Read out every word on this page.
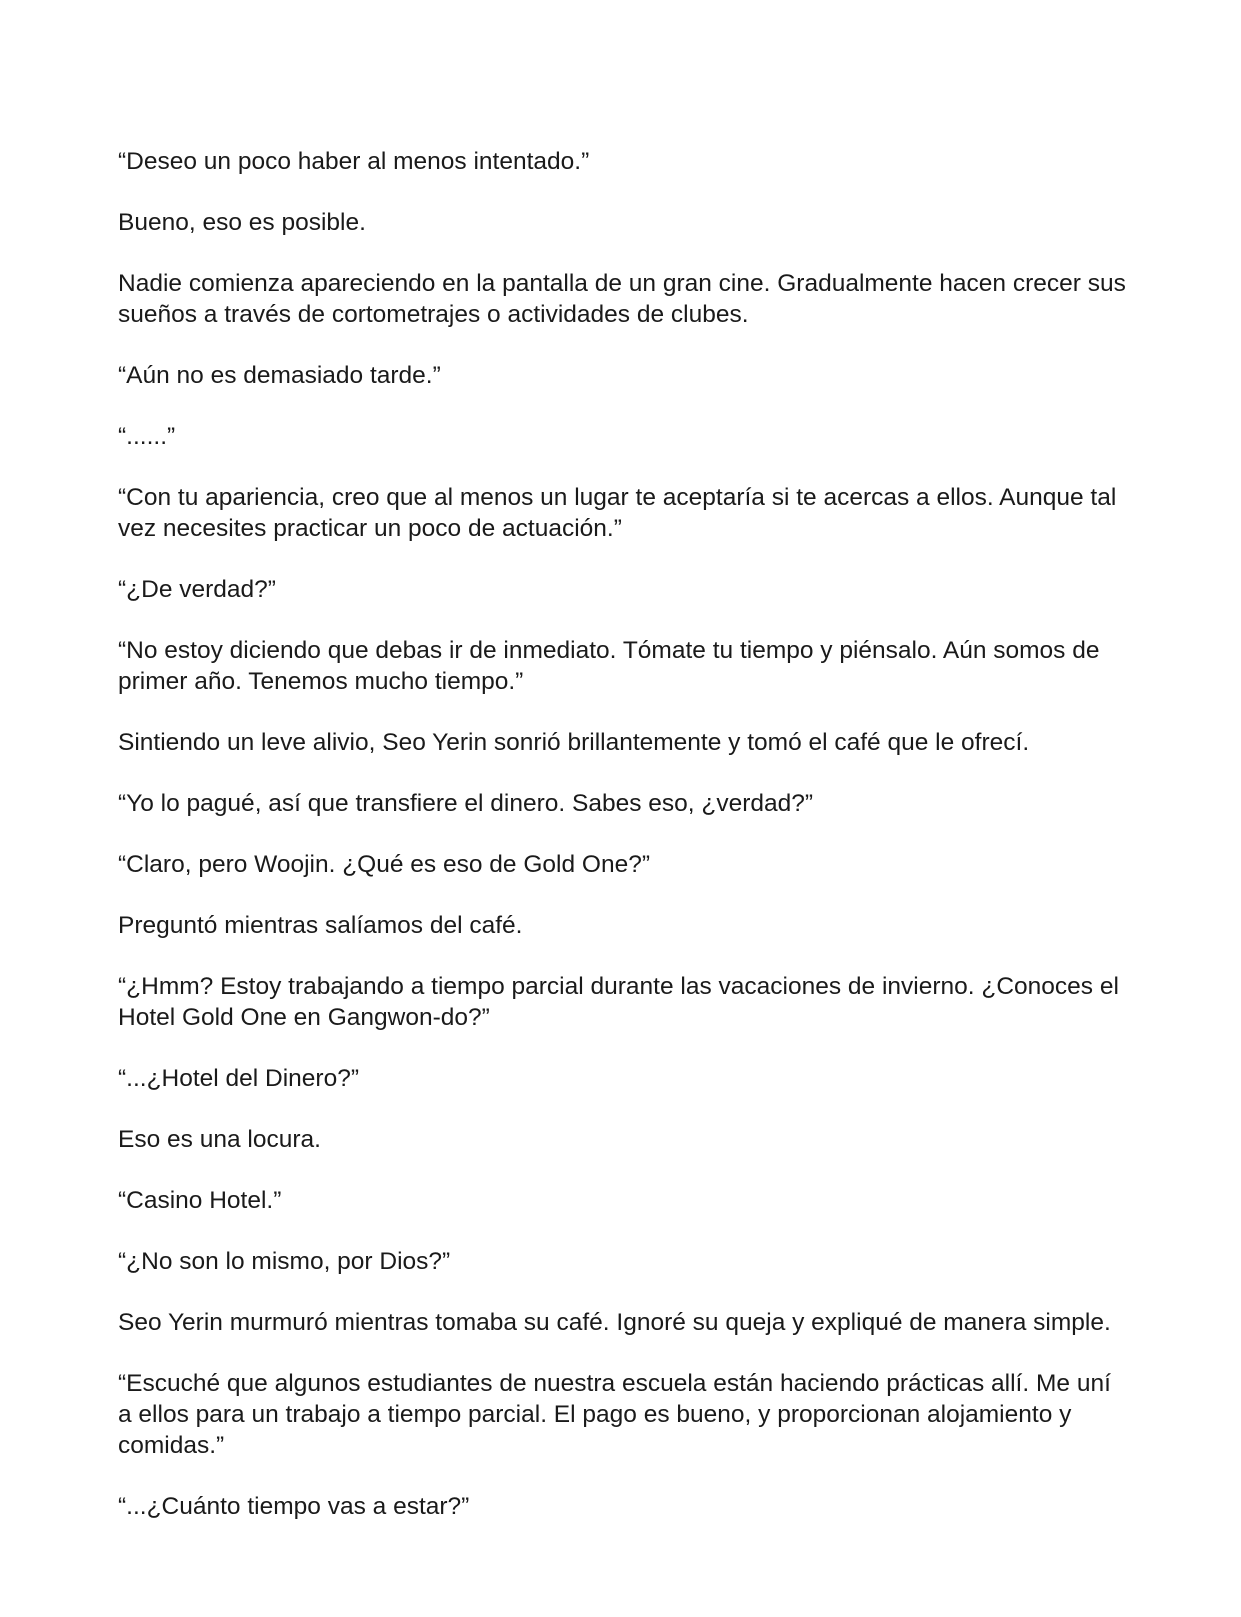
“Deseo un poco haber al menos intentado.”

Bueno, eso es posible.

Nadie comienza apareciendo en la pantalla de un gran cine. Gradualmente hacen crecer sus sueños a través de cortometrajes o actividades de clubes.

“Aún no es demasiado tarde.”

“......”

“Con tu apariencia, creo que al menos un lugar te aceptaría si te acercas a ellos. Aunque tal vez necesites practicar un poco de actuación.”

“¿De verdad?”

“No estoy diciendo que debas ir de inmediato. Tómate tu tiempo y piénsalo. Aún somos de primer año. Tenemos mucho tiempo.”

Sintiendo un leve alivio, Seo Yerin sonrió brillantemente y tomó el café que le ofrecí.

“Yo lo pagué, así que transfiere el dinero. Sabes eso, ¿verdad?”

“Claro, pero Woojin. ¿Qué es eso de Gold One?”

Preguntó mientras salíamos del café.

“¿Hmm? Estoy trabajando a tiempo parcial durante las vacaciones de invierno. ¿Conoces el Hotel Gold One en Gangwon-do?”

“...¿Hotel del Dinero?”

Eso es una locura.

“Casino Hotel.”

“¿No son lo mismo, por Dios?”

Seo Yerin murmuró mientras tomaba su café. Ignoré su queja y expliqué de manera simple.

“Escuché que algunos estudiantes de nuestra escuela están haciendo prácticas allí. Me uní a ellos para un trabajo a tiempo parcial. El pago es bueno, y proporcionan alojamiento y comidas.”

“...¿Cuánto tiempo vas a estar?”
